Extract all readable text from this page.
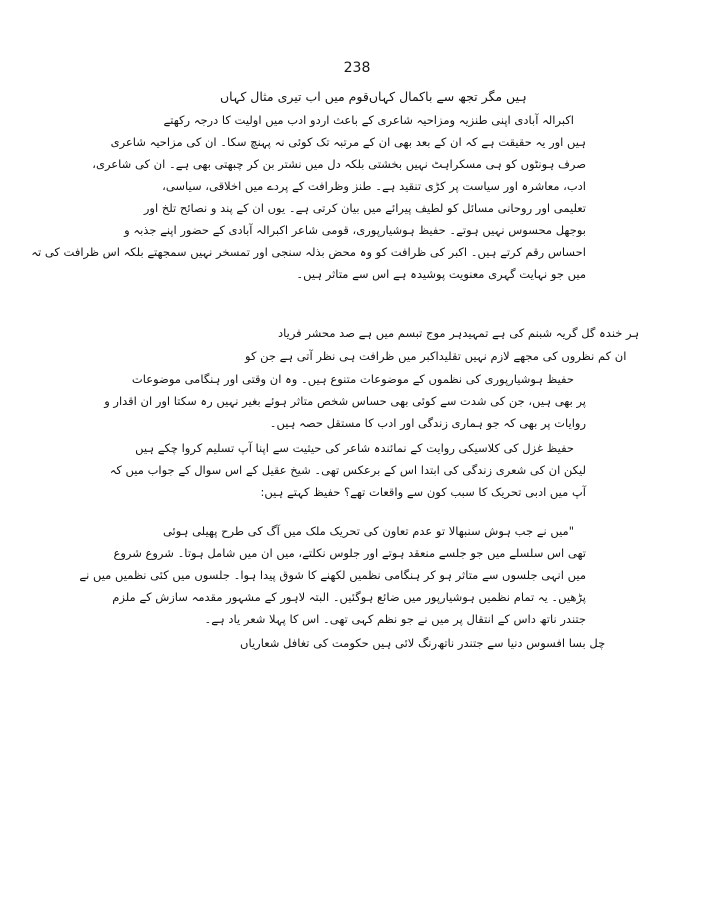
238
قوم میں اب تیری مثال کہاں ہیں مگر تجھ سے باکمال کہاں
اکبرالہ آبادی اپنی طنزیہ ومزاحیہ شاعری کے باعث اردو ادب میں اولیت کا درجہ رکھتے
ہیں اور یہ حقیقت ہے کہ ان کے بعد بھی ان کے مرتبہ تک کوئی نہ پہنچ سکا۔ ان کی مزاحیہ شاعری
صرف ہونٹوں کو ہی مسکراہٹ نہیں بخشتی بلکہ دل میں نشتر بن کر چبھتی بھی ہے۔ ان کی شاعری،
ادب، معاشرہ اور سیاست پر کڑی تنقید ہے۔ طنز وظرافت کے پردے میں اخلاقی، سیاسی،
تعلیمی اور روحانی مسائل کو لطیف پیرائے میں بیان کرتی ہے۔ یوں ان کے پند و نصائح تلخ اور
بوجھل محسوس نہیں ہوتے۔ حفیظ ہوشیارپوری، قومی شاعر اکبرالہ آبادی کے حضور اپنے جذبہ و
احساس رقم کرتے ہیں۔ اکبر کی ظرافت کو وہ محض بذلہ سنجی اور تمسخر نہیں سمجھتے بلکہ اس ظرافت کی تہ
میں جو نہایت گہری معنویت پوشیدہ ہے اس سے متاثر ہیں۔
ہر موج تبسم میں ہے صد محشر فریاد ہر خندہ گل گریہ شبنم کی ہے تمہید
اکبر میں ظرافت ہی نظر آتی ہے جن کو ان کم نظروں کی مجھے لازم نہیں تقلید
حفیظ ہوشیارپوری کی نظموں کے موضوعات متنوع ہیں۔ وہ ان وقتی اور ہنگامی موضوعات
پر بھی ہیں، جن کی شدت سے کوئی بھی حساس شخص متاثر ہوئے بغیر نہیں رہ سکتا اور ان اقدار و
روایات پر بھی کہ جو ہماری زندگی اور ادب کا مستقل حصہ ہیں۔
حفیظ غزل کی کلاسیکی روایت کے نمائندہ شاعر کی حیثیت سے اپنا آپ تسلیم کروا چکے ہیں
لیکن ان کی شعری زندگی کی ابتدا اس کے برعکس تھی۔ شیخ عقیل کے اس سوال کے جواب میں کہ
آپ میں ادبی تحریک کا سبب کون سے واقعات تھے؟ حفیظ کہتے ہیں:
"میں نے جب ہوش سنبھالا تو عدم تعاون کی تحریک ملک میں آگ کی طرح پھیلی ہوئی
تھی اس سلسلے میں جو جلسے منعقد ہوتے اور جلوس نکلتے، میں ان میں شامل ہوتا۔ شروع شروع
میں انہی جلسوں سے متاثر ہو کر ہنگامی نظمیں لکھنے کا شوق پیدا ہوا۔ جلسوں میں کئی نظمیں میں نے
پڑھیں۔ یہ تمام نظمیں ہوشیارپور میں ضائع ہوگئیں۔ البتہ لاہور کے مشہور مقدمہ سازش کے ملزم
جتندر ناتھ داس کے انتقال پر میں نے جو نظم کہی تھی۔ اس کا پہلا شعر یاد ہے۔
رنگ لائی ہیں حکومت کی تغافل شعاریاں چل بسا افسوس دنیا سے جتندر ناتھ
